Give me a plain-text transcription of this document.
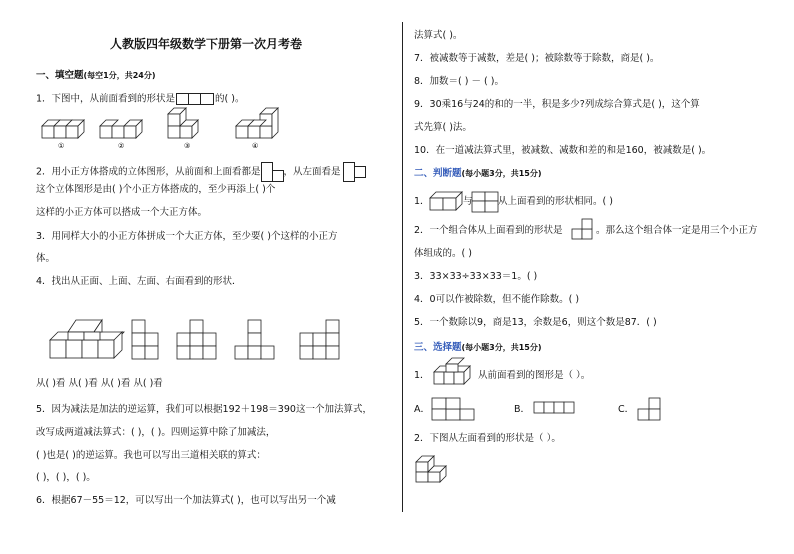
人教版四年级数学下册第一次月考卷
一、填空题(每空1分，共24分)
1．下图中，从前面看到的形状是	的( )。
①	②	③	④
2．用小正方体搭成的立体图形，从前面和上面看都是 ，从左面看是
这个立体图形是由( )个小正方体搭成的，至少再添上( )个
这样的小正方体可以搭成一个大正方体。
3．用同样大小的小正方体拼成一个大正方体，至少要( )个这样的小正方
体。
4．找出从正面、上面、左面、右面看到的形状．
从( )看 从( )看 从( )看 从( )看
5．因为减法是加法的逆运算，我们可以根据192＋198＝390这一个加法算式，
改写成两道减法算式：( )，( )。四则运算中除了加减法，
( )也是( )的逆运算。我也可以写出三道相关联的算式：
( )，( )，( )。
6．根据67－55＝12，可以写出一个加法算式( )，也可以写出另一个减
法算式( )。
7．被减数等于减数，差是( )；被除数等于除数，商是( )。
8．加数＝( ) － ( )。
9．30乘16与24的和的一半，积是多少?列成综合算式是( )，这个算
式先算( )法。
10．在一道减法算式里，被减数、减数和差的和是160，被减数是( )。
二、判断题(每小题3分，共15分)
1．	与	从上面看到的形状相同。( )
2．一个组合体从上面看到的形状是	。那么这个组合体一定是用三个小正方
体组成的。( )
3．33×33÷33×33＝1。( )
4．0可以作被除数，但不能作除数。( )
5．一个数除以9，商是13，余数是6，则这个数是87．( )
三、选择题(每小题3分，共15分)
1．	从前面看到的图形是（ ）。
A．	B．	C．
2．下图从左面看到的形状是（ ）。
